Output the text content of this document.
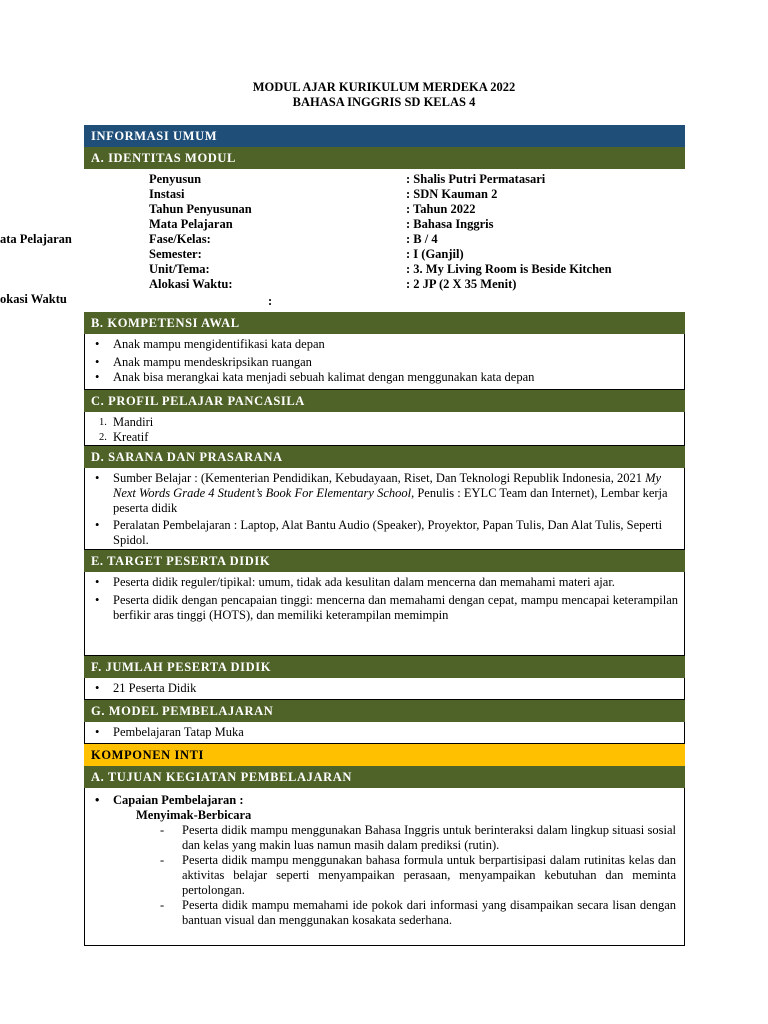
MODUL AJAR KURIKULUM MERDEKA 2022
BAHASA INGGRIS SD KELAS 4
INFORMASI UMUM
A. IDENTITAS MODUL
Penyusun	: Shalis Putri Permatasari
Instasi	: SDN Kauman 2
Tahun Penyusunan	: Tahun 2022
Mata Pelajaran	: Bahasa Inggris
Fase/Kelas:	: B / 4
Semester:	: I (Ganjil)
Unit/Tema:	: 3. My Living Room is Beside Kitchen
Alokasi Waktu:	: 2 JP (2 X 35 Menit)
ata Pelajaran
okasi Waktu	:
B. KOMPETENSI AWAL
• Anak mampu mengidentifikasi kata depan
• Anak mampu mendeskripsikan ruangan
• Anak bisa merangkai kata menjadi sebuah kalimat dengan menggunakan kata depan
C. PROFIL PELAJAR PANCASILA
1. Mandiri
2. Kreatif
D. SARANA DAN PRASARANA
• Sumber Belajar : (Kementerian Pendidikan, Kebudayaan, Riset, Dan Teknologi Republik Indonesia, 2021 My Next Words Grade 4 Student’s Book For Elementary School, Penulis : EYLC Team dan Internet), Lembar kerja peserta didik
• Peralatan Pembelajaran : Laptop, Alat Bantu Audio (Speaker), Proyektor, Papan Tulis, Dan Alat Tulis, Seperti Spidol.
E. TARGET PESERTA DIDIK
• Peserta didik reguler/tipikal: umum, tidak ada kesulitan dalam mencerna dan memahami materi ajar.
• Peserta didik dengan pencapaian tinggi: mencerna dan memahami dengan cepat, mampu mencapai keterampilan berfikir aras tinggi (HOTS), dan memiliki keterampilan memimpin
F. JUMLAH PESERTA DIDIK
• 21 Peserta Didik
G. MODEL PEMBELAJARAN
• Pembelajaran Tatap Muka
KOMPONEN INTI
A. TUJUAN KEGIATAN PEMBELAJARAN
• Capaian Pembelajaran :
Menyimak-Berbicara
- Peserta didik mampu menggunakan Bahasa Inggris untuk berinteraksi dalam lingkup situasi sosial dan kelas yang makin luas namun masih dalam prediksi (rutin).
- Peserta didik mampu menggunakan bahasa formula untuk berpartisipasi dalam rutinitas kelas dan aktivitas belajar seperti menyampaikan perasaan, menyampaikan kebutuhan dan meminta pertolongan.
- Peserta didik mampu memahami ide pokok dari informasi yang disampaikan secara lisan dengan bantuan visual dan menggunakan kosakata sederhana.
